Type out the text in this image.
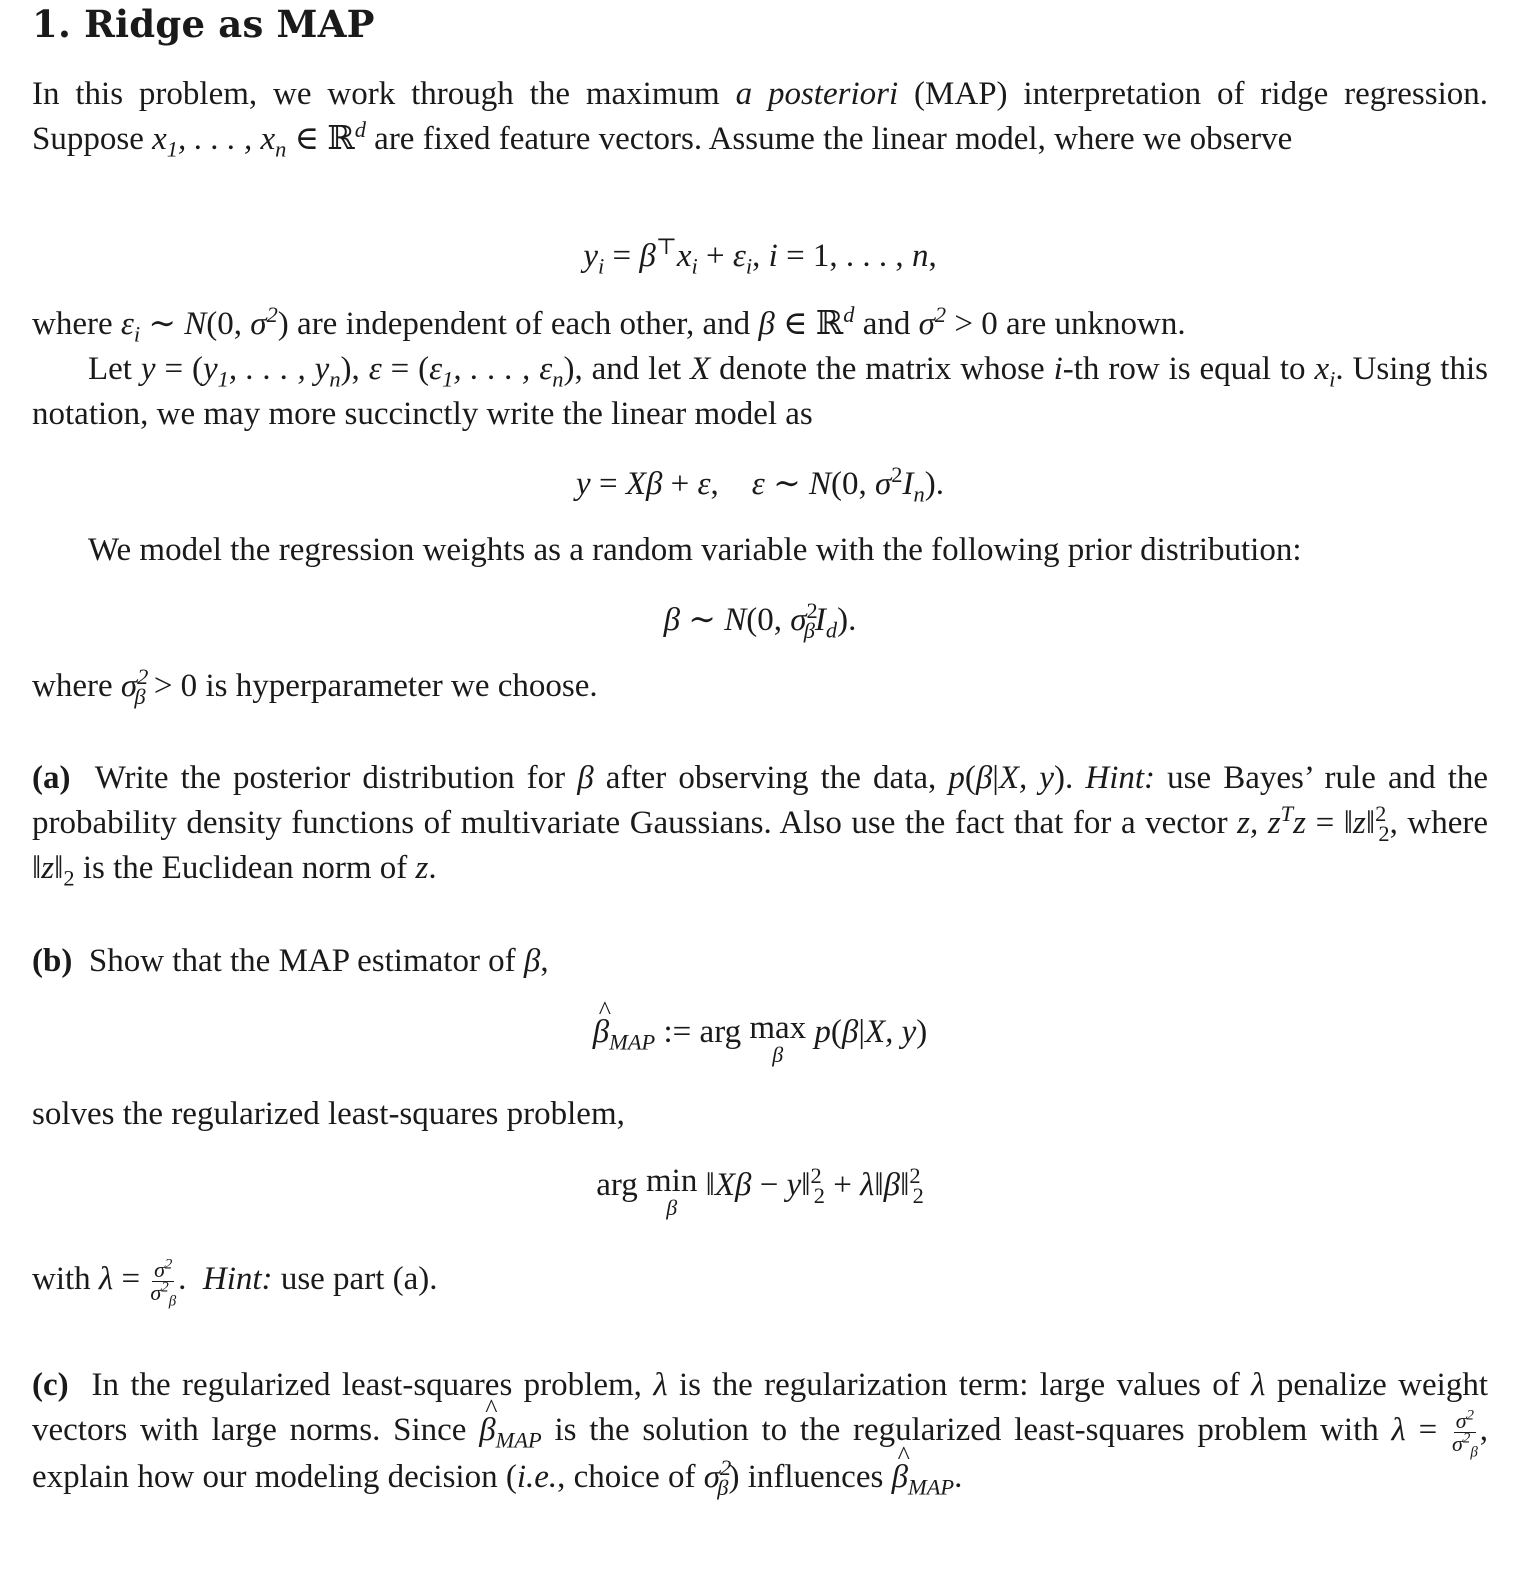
1. Ridge as MAP

In this problem, we work through the maximum a posteriori (MAP) interpretation of ridge regression. Suppose $x_1$, . . . , $x_n$ ∈ ℝ$^d$ are fixed feature vectors. Assume the linear model, where we observe

$y_i = \beta^⊤x_i + \varepsilon_i$, i = 1, . . . , n,

where $\varepsilon_i$ ∼ N(0, $\sigma^2$) are independent of each other, and β ∈ ℝ$^d$ and $\sigma^2 > 0$ are unknown.

Let $y = (y_1$, . . . , $y_n$), $\varepsilon = (\varepsilon_1$, . . . , $\varepsilon_n$), and let X denote the matrix whose i-th row is equal to $x_i$. Using this notation, we may more succinctly write the linear model as

y = Xβ + ε,    ε ∼ N(0, $\sigma^2I_n$).

We model the regression weights as a random variable with the following prior distribution:

β ∼ N(0, $\sigma^2_\beta I_d$).

where $\sigma^2_\beta > 0$ is hyperparameter we choose.

(a) Write the posterior distribution for β after observing the data, p(β|X, y). Hint: use Bayes’ rule and the probability density functions of multivariate Gaussians. Also use the fact that for a vector z, $z^Tz$ = ‖z‖$^2_2$, where $‖z‖_2$ is the Euclidean norm of z.

(b) Show that the MAP estimator of β,

^ $\beta_{MAP}$ := arg max
β
p(β|X, y)

solves the regularized least-squares problem,

arg min
β
‖Xβ − y‖$^2_2$ + λ‖β‖$^2_2$

with $\lambda = \frac{\sigma^2}{\sigma^2_\beta}$ .  Hint: use part (a).

(c) In the regularized least-squares problem, λ is the regularization term: large values of λ penalize weight vectors with large norms. Since ^ $\beta_{MAP}$ is the solution to the regularized least-squares problem with $\lambda = \frac{\sigma^2}{\sigma^2_\beta}$ , explain how our modeling decision (i.e., choice of $\sigma^2_\beta$) influences ^ $\beta_{MAP}$.
